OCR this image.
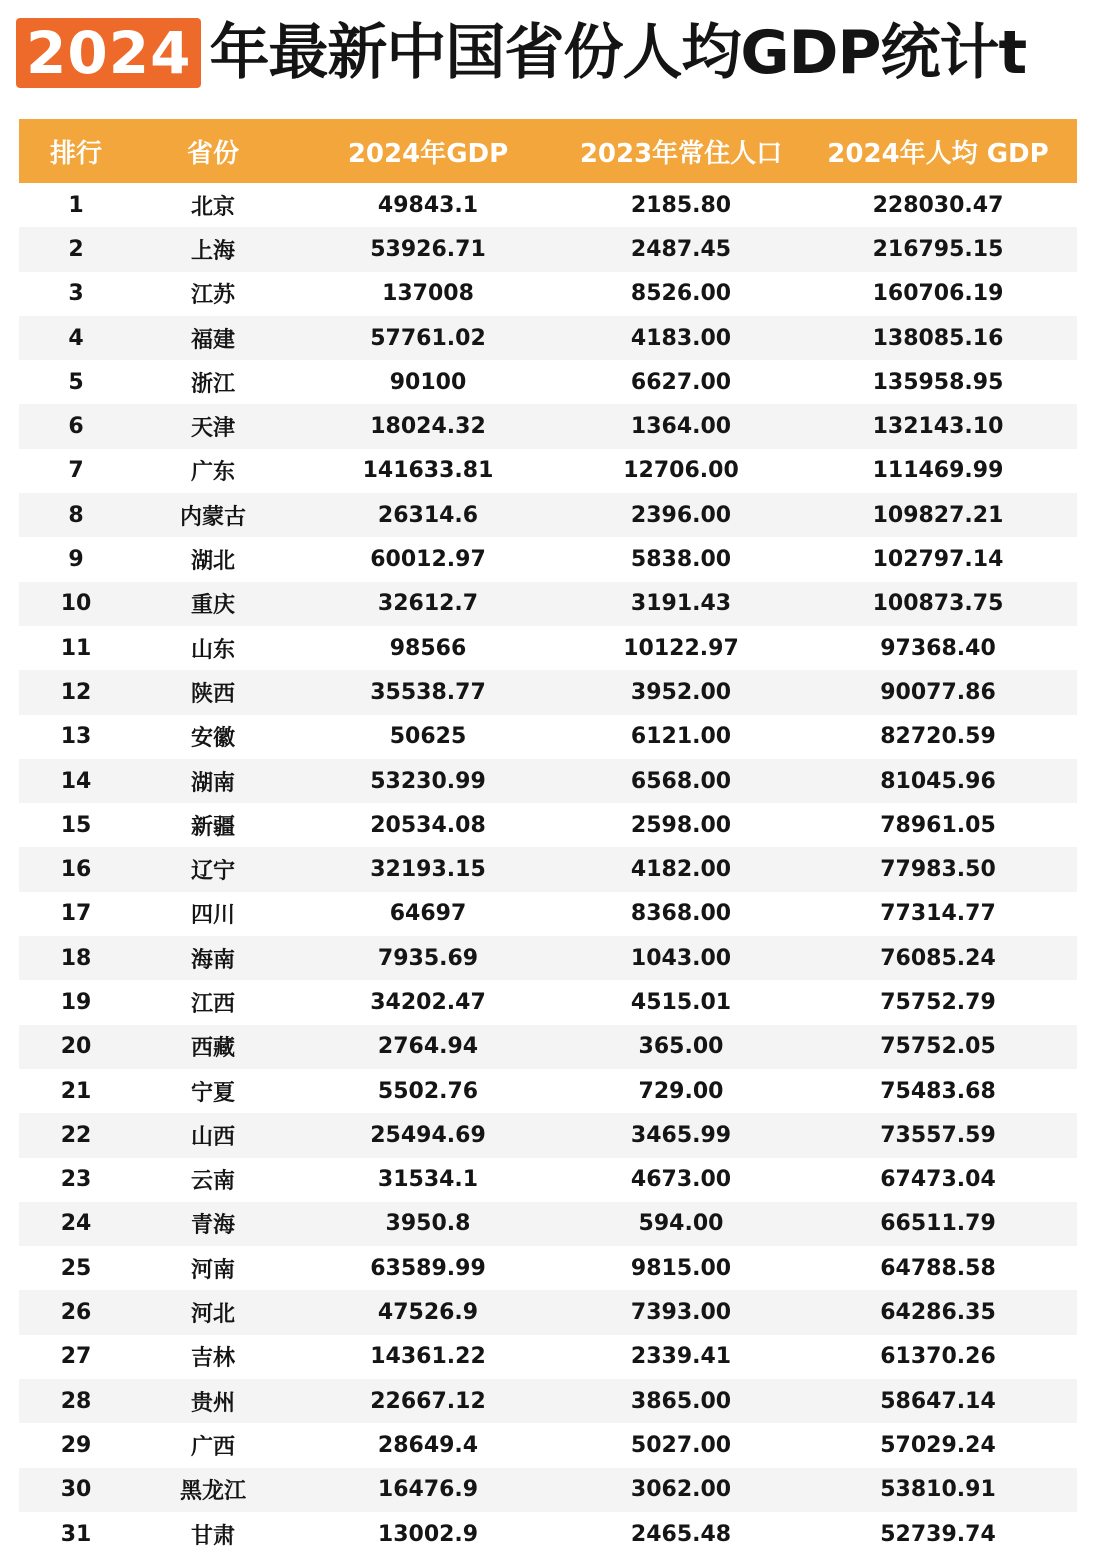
2024 年最新中国省份人均GDP统计t
排行	省份	2024年GDP	2023年常住人口	2024年人均 GDP
1	北京	49843.1	2185.80	228030.47
2	上海	53926.71	2487.45	216795.15
3	江苏	137008	8526.00	160706.19
4	福建	57761.02	4183.00	138085.16
5	浙江	90100	6627.00	135958.95
6	天津	18024.32	1364.00	132143.10
7	广东	141633.81	12706.00	111469.99
8	内蒙古	26314.6	2396.00	109827.21
9	湖北	60012.97	5838.00	102797.14
10	重庆	32612.7	3191.43	100873.75
11	山东	98566	10122.97	97368.40
12	陕西	35538.77	3952.00	90077.86
13	安徽	50625	6121.00	82720.59
14	湖南	53230.99	6568.00	81045.96
15	新疆	20534.08	2598.00	78961.05
16	辽宁	32193.15	4182.00	77983.50
17	四川	64697	8368.00	77314.77
18	海南	7935.69	1043.00	76085.24
19	江西	34202.47	4515.01	75752.79
20	西藏	2764.94	365.00	75752.05
21	宁夏	5502.76	729.00	75483.68
22	山西	25494.69	3465.99	73557.59
23	云南	31534.1	4673.00	67473.04
24	青海	3950.8	594.00	66511.79
25	河南	63589.99	9815.00	64788.58
26	河北	47526.9	7393.00	64286.35
27	吉林	14361.22	2339.41	61370.26
28	贵州	22667.12	3865.00	58647.14
29	广西	28649.4	5027.00	57029.24
30	黑龙江	16476.9	3062.00	53810.91
31	甘肃	13002.9	2465.48	52739.74
